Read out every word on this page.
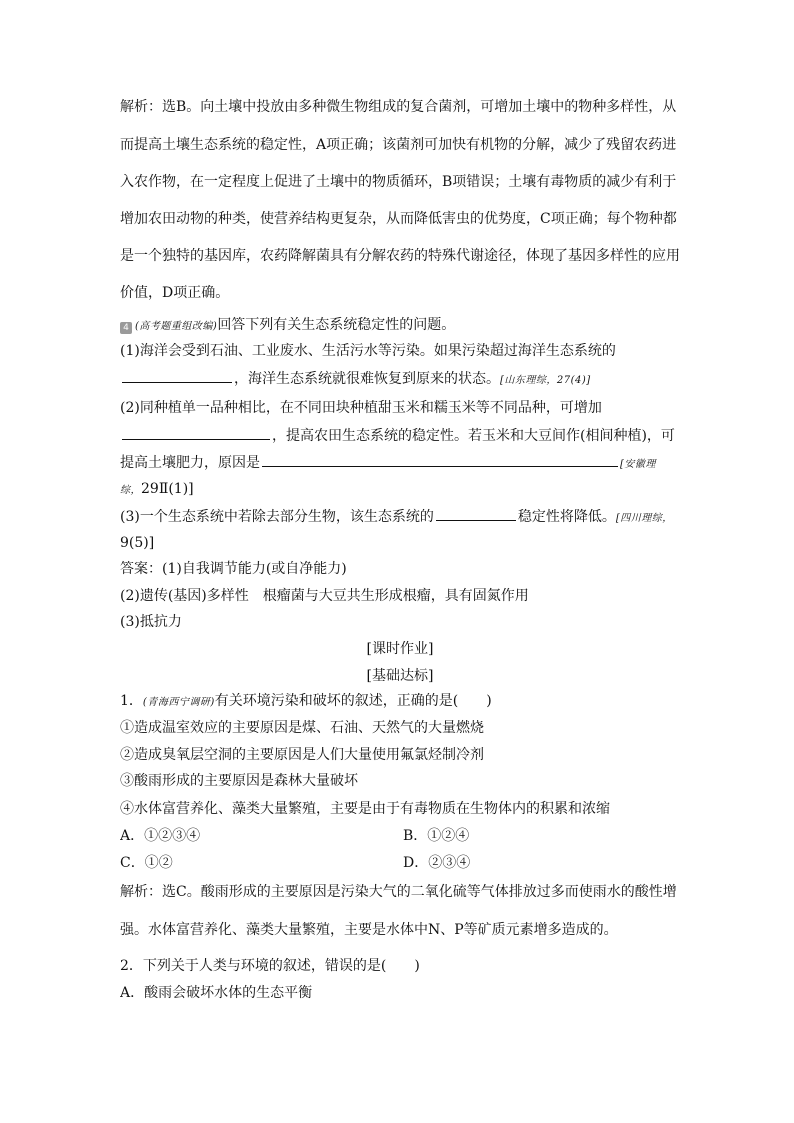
解析：选B。向土壤中投放由多种微生物组成的复合菌剂，可增加土壤中的物种多样性，从
而提高土壤生态系统的稳定性，A项正确；该菌剂可加快有机物的分解，减少了残留农药进
入农作物，在一定程度上促进了土壤中的物质循环，B项错误；土壤有毒物质的减少有利于
增加农田动物的种类，使营养结构更复杂，从而降低害虫的优势度，C项正确；每个物种都
是一个独特的基因库，农药降解菌具有分解农药的特殊代谢途径，体现了基因多样性的应用
价值，D项正确。
4 (高考题重组改编)回答下列有关生态系统稳定性的问题。
(1)海洋会受到石油、工业废水、生活污水等污染。如果污染超过海洋生态系统的
，海洋生态系统就很难恢复到原来的状态。[山东理综，27(4)]
(2)同种植单一品种相比，在不同田块种植甜玉米和糯玉米等不同品种，可增加
，提高农田生态系统的稳定性。若玉米和大豆间作(相间种植)，可
提高土壤肥力，原因是	[安徽理
综，29Ⅱ(1)]
(3)一个生态系统中若除去部分生物，该生态系统的	稳定性将降低。[四川理综，
9(5)]
答案：(1)自我调节能力(或自净能力)
(2)遗传(基因)多样性　根瘤菌与大豆共生形成根瘤，具有固氮作用
(3)抵抗力
[课时作业]
[基础达标]
1．(青海西宁调研)有关环境污染和破坏的叙述，正确的是(　　)
①造成温室效应的主要原因是煤、石油、天然气的大量燃烧
②造成臭氧层空洞的主要原因是人们大量使用氟氯烃制冷剂
③酸雨形成的主要原因是森林大量破坏
④水体富营养化、藻类大量繁殖，主要是由于有毒物质在生物体内的积累和浓缩
A．①②③④	B．①②④
C．①②	D．②③④
解析：选C。酸雨形成的主要原因是污染大气的二氧化硫等气体排放过多而使雨水的酸性增
强。水体富营养化、藻类大量繁殖，主要是水体中N、P等矿质元素增多造成的。
2．下列关于人类与环境的叙述，错误的是(　　)
A．酸雨会破坏水体的生态平衡
